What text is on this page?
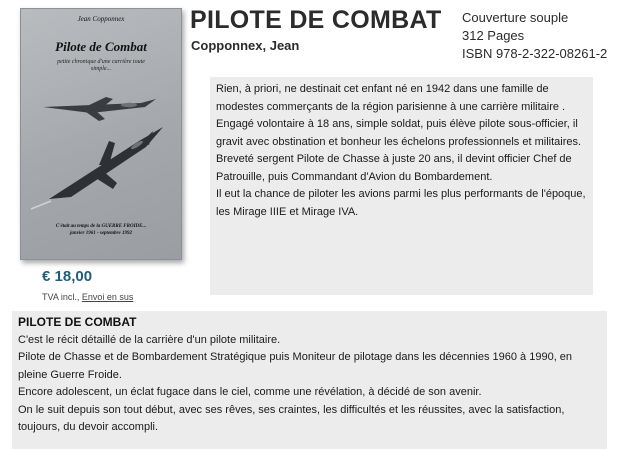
Jean Copponnex
Pilote de Combat
petite chronique d'une carrière toute simple...
C'était au temps de la GUERRE FROIDE...
janvier 1961 - septembre 1992
PILOTE DE COMBAT
Copponnex, Jean
Couverture souple
312 Pages
ISBN 978-2-322-08261-2
€ 18,00
TVA incl., Envoi en sus

Rien, à priori, ne destinait cet enfant né en 1942 dans une famille de modestes commerçants de la région parisienne à une carrière militaire .

Engagé volontaire à 18 ans, simple soldat, puis élève pilote sous-officier, il gravit avec obstination et bonheur les échelons professionnels et militaires.

Breveté sergent Pilote de Chasse à juste 20 ans, il devint officier Chef de Patrouille, puis Commandant d'Avion du Bombardement.

Il eut la chance de piloter les avions parmi les plus performants de l'époque, les Mirage IIIE et Mirage IVA.

PILOTE DE COMBAT

C'est le récit détaillé de la carrière d'un pilote militaire.

Pilote de Chasse et de Bombardement Stratégique puis Moniteur de pilotage dans les décennies 1960 à 1990, en pleine Guerre Froide.

Encore adolescent, un éclat fugace dans le ciel, comme une révélation, à décidé de son avenir.

On le suit depuis son tout début, avec ses rêves, ses craintes, les difficultés et les réussites, avec la satisfaction, toujours, du devoir accompli.
